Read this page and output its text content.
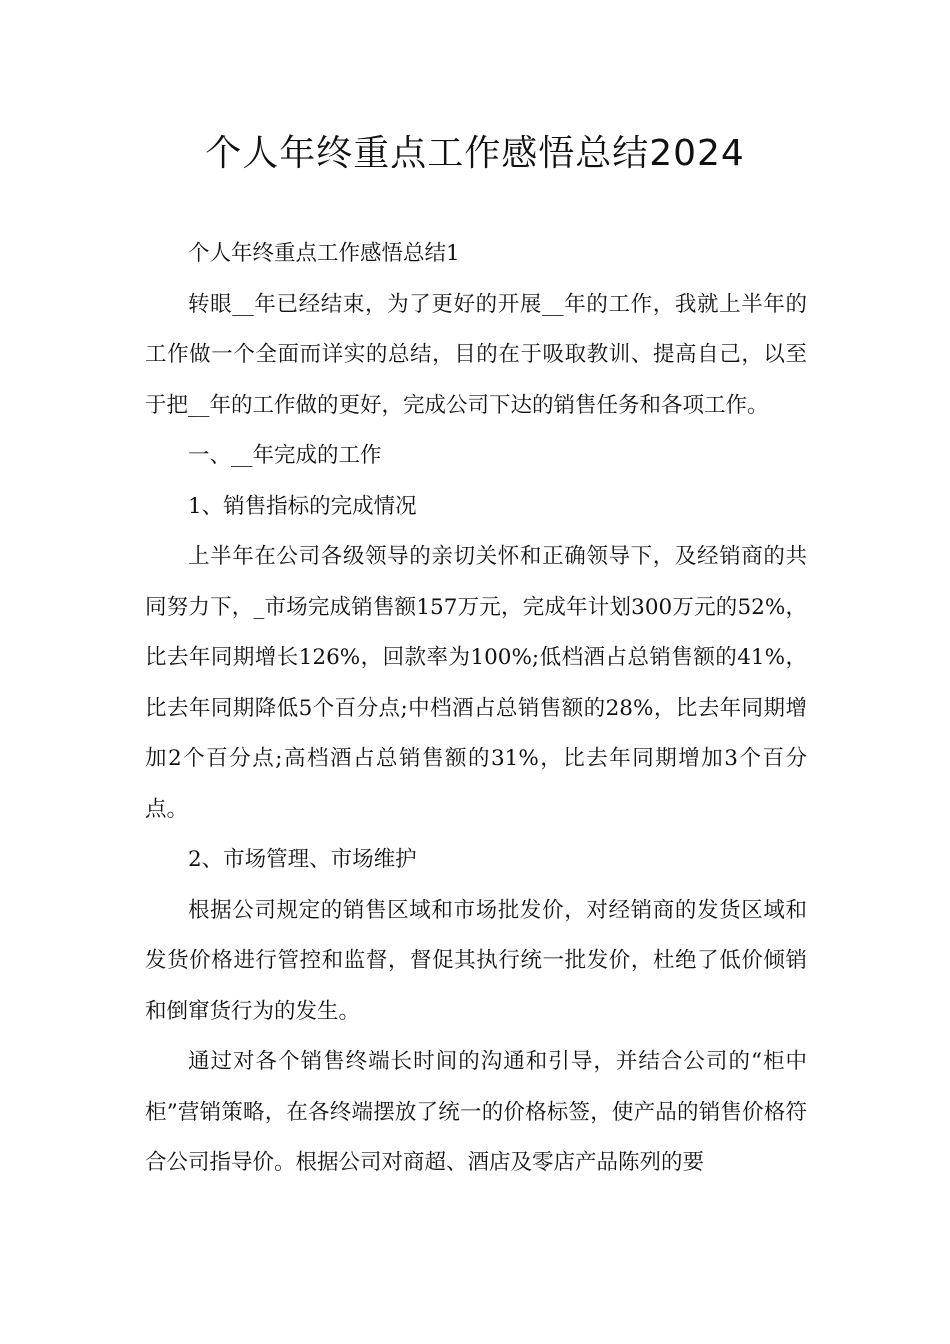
个人年终重点工作感悟总结2024

个人年终重点工作感悟总结1

转眼__年已经结束，为了更好的开展__年的工作，我就上半年的工作做一个全面而详实的总结，目的在于吸取教训、提高自己，以至于把__年的工作做的更好，完成公司下达的销售任务和各项工作。

一、__年完成的工作

1、销售指标的完成情况

上半年在公司各级领导的亲切关怀和正确领导下，及经销商的共同努力下，_市场完成销售额157万元，完成年计划300万元的52%，比去年同期增长126%，回款率为100%;低档酒占总销售额的41%，比去年同期降低5个百分点;中档酒占总销售额的28%，比去年同期增加2个百分点;高档酒占总销售额的31%，比去年同期增加3个百分点。

2、市场管理、市场维护

根据公司规定的销售区域和市场批发价，对经销商的发货区域和发货价格进行管控和监督，督促其执行统一批发价，杜绝了低价倾销和倒窜货行为的发生。

通过对各个销售终端长时间的沟通和引导，并结合公司的“柜中柜”营销策略，在各终端摆放了统一的价格标签，使产品的销售价格符合公司指导价。根据公司对商超、酒店及零店产品陈列的要
